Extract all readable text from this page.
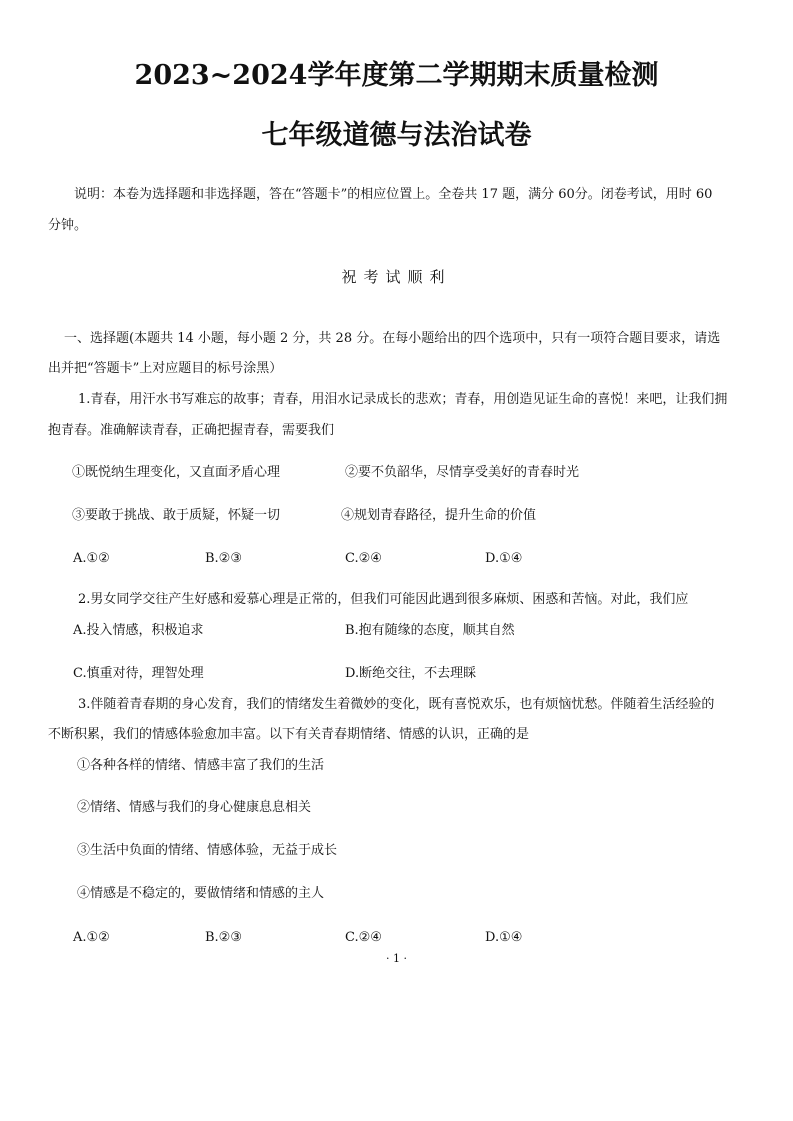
2023~2024学年度第二学期期末质量检测
七年级道德与法治试卷
说明：本卷为选择题和非选择题，答在“答题卡”的相应位置上。全卷共 17 题，满分 60分。闭卷考试，用时 60
分钟。
祝考试顺利
一、选择题(本题共 14 小题，每小题 2 分，共 28 分。在每小题给出的四个选项中，只有一项符合题目要求，请选
出并把“答题卡”上对应题目的标号涂黑）
1.青春，用汗水书写难忘的故事；青春，用泪水记录成长的悲欢；青春，用创造见证生命的喜悦！来吧，让我们拥
抱青春。准确解读青春，正确把握青春，需要我们
①既悦纳生理变化，又直面矛盾心理	②要不负韶华，尽情享受美好的青春时光
③要敢于挑战、敢于质疑，怀疑一切	④规划青春路径，提升生命的价值
A.①②	B.②③	C.②④	D.①④
2.男女同学交往产生好感和爱慕心理是正常的，但我们可能因此遇到很多麻烦、困惑和苦恼。对此，我们应
A.投入情感，积极追求	B.抱有随缘的态度，顺其自然
C.慎重对待，理智处理	D.断绝交往，不去理睬
3.伴随着青春期的身心发育，我们的情绪发生着微妙的变化，既有喜悦欢乐，也有烦恼忧愁。伴随着生活经验的
不断积累，我们的情感体验愈加丰富。以下有关青春期情绪、情感的认识，正确的是
①各种各样的情绪、情感丰富了我们的生活
②情绪、情感与我们的身心健康息息相关
③生活中负面的情绪、情感体验，无益于成长
④情感是不稳定的，要做情绪和情感的主人
A.①②	B.②③	C.②④	D.①④
· 1 ·
